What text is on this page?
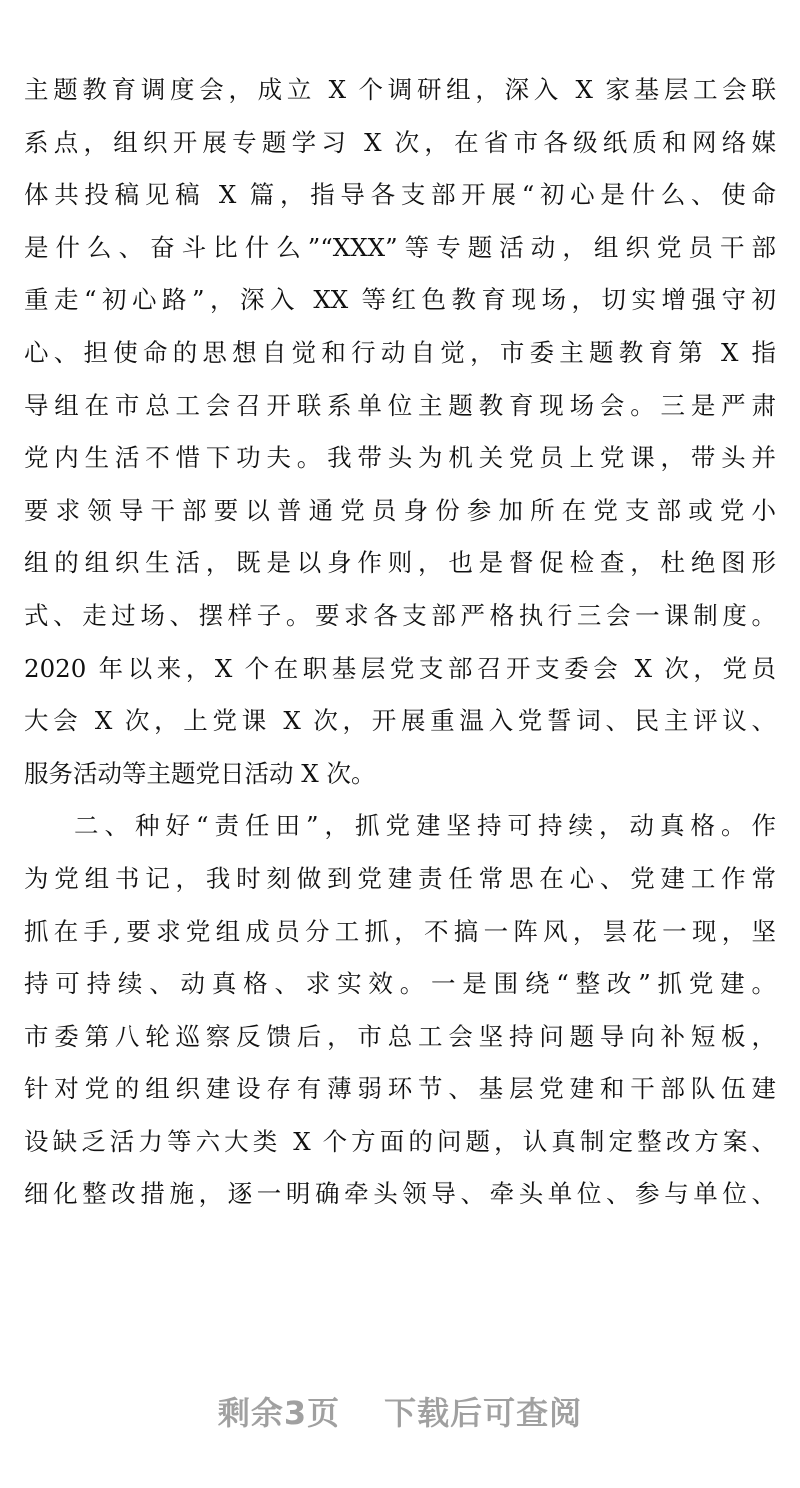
主题教育调度会，成立 X 个调研组，深入 X 家基层工会联
系点，组织开展专题学习 X 次，在省市各级纸质和网络媒
体共投稿见稿 X 篇，指导各支部开展“初心是什么、使命
是什么、奋斗比什么”“XXX”等专题活动，组织党员干部
重走“初心路”，深入 XX 等红色教育现场，切实增强守初
心、担使命的思想自觉和行动自觉，市委主题教育第 X 指
导组在市总工会召开联系单位主题教育现场会。三是严肃
党内生活不惜下功夫。我带头为机关党员上党课，带头并
要求领导干部要以普通党员身份参加所在党支部或党小
组的组织生活，既是以身作则，也是督促检查，杜绝图形
式、走过场、摆样子。要求各支部严格执行三会一课制度。
2020 年以来，X 个在职基层党支部召开支委会 X 次，党员
大会 X 次，上党课 X 次，开展重温入党誓词、民主评议、
服务活动等主题党日活动 X 次。
二、种好“责任田”，抓党建坚持可持续，动真格。作
为党组书记，我时刻做到党建责任常思在心、党建工作常
抓在手,要求党组成员分工抓，不搞一阵风，昙花一现，坚
持可持续、动真格、求实效。一是围绕“整改”抓党建。
市委第八轮巡察反馈后，市总工会坚持问题导向补短板，
针对党的组织建设存有薄弱环节、基层党建和干部队伍建
设缺乏活力等六大类 X 个方面的问题，认真制定整改方案、
细化整改措施，逐一明确牵头领导、牵头单位、参与单位、
剩余3页 下载后可查阅
